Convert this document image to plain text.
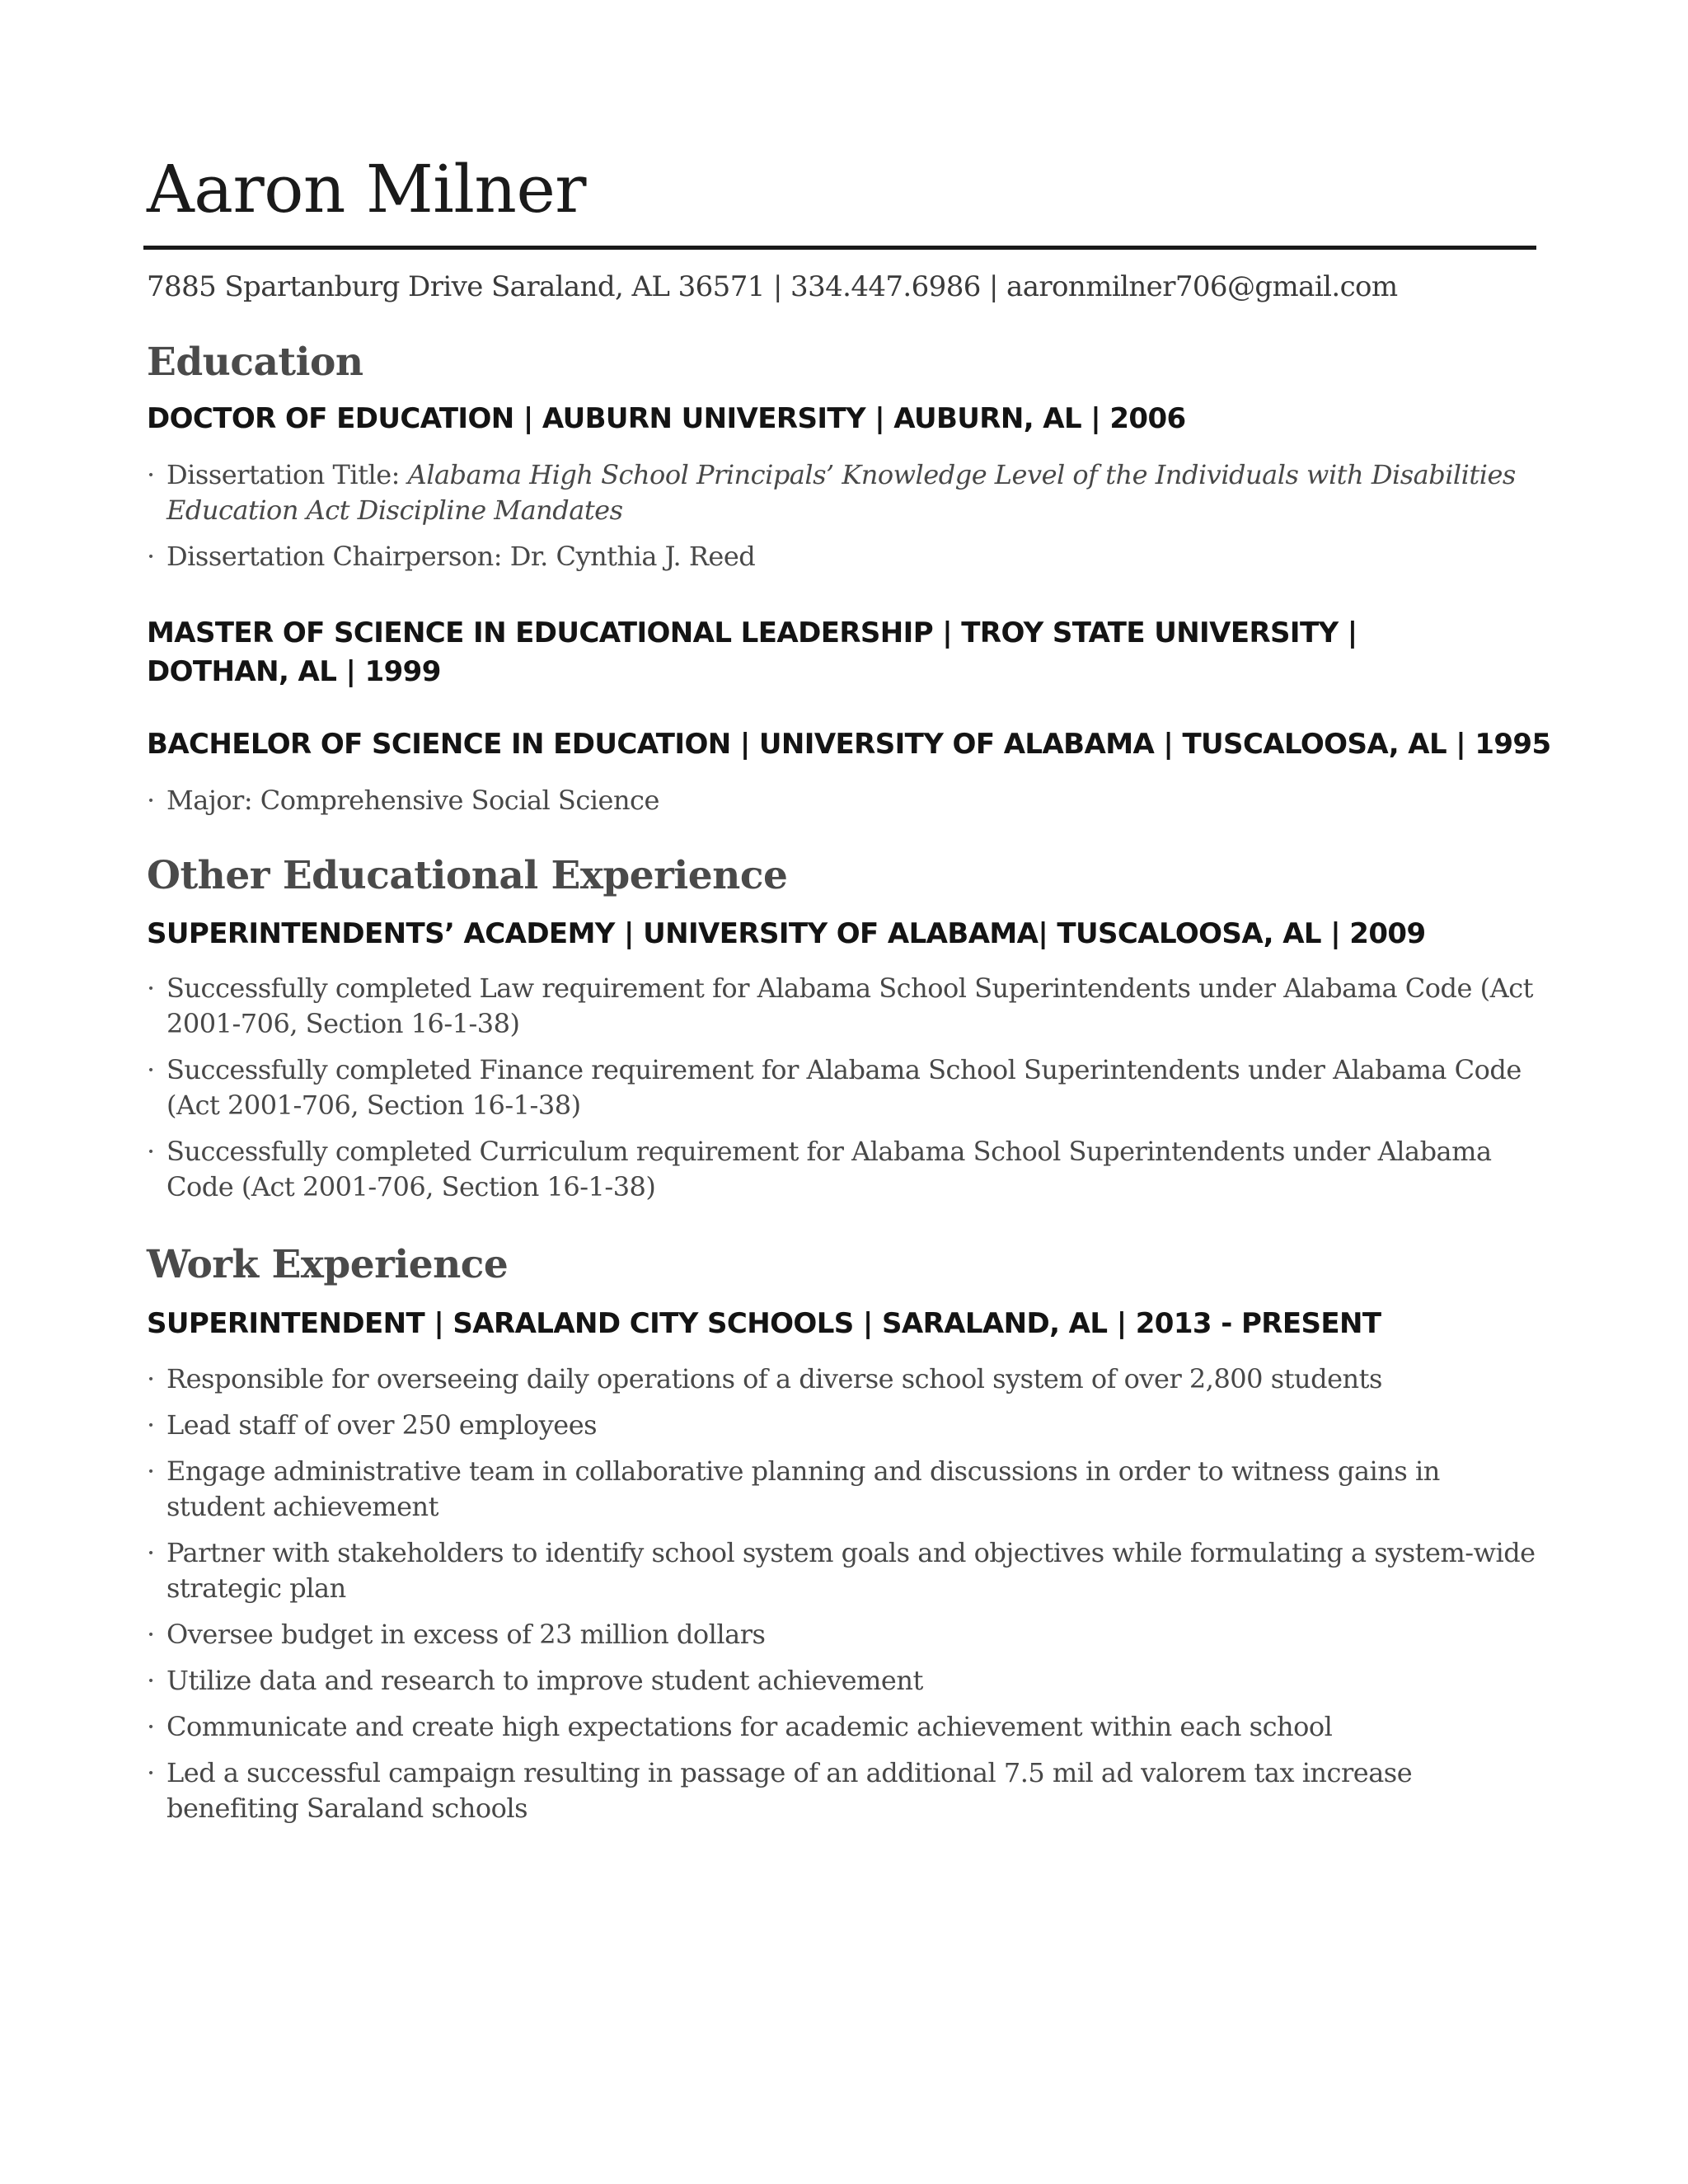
Aaron Milner
7885 Spartanburg Drive Saraland, AL 36571 | 334.447.6986 | aaronmilner706@gmail.com
Education
DOCTOR OF EDUCATION | AUBURN UNIVERSITY | AUBURN, AL | 2006
· Dissertation Title: Alabama High School Principals’ Knowledge Level of the Individuals with Disabilities Education Act Discipline Mandates
· Dissertation Chairperson: Dr. Cynthia J. Reed
MASTER OF SCIENCE IN EDUCATIONAL LEADERSHIP | TROY STATE UNIVERSITY |
DOTHAN, AL | 1999
BACHELOR OF SCIENCE IN EDUCATION | UNIVERSITY OF ALABAMA | TUSCALOOSA, AL | 1995
· Major: Comprehensive Social Science
Other Educational Experience
SUPERINTENDENTS’ ACADEMY | UNIVERSITY OF ALABAMA| TUSCALOOSA, AL | 2009
· Successfully completed Law requirement for Alabama School Superintendents under Alabama Code (Act 2001-706, Section 16-1-38)
· Successfully completed Finance requirement for Alabama School Superintendents under Alabama Code (Act 2001-706, Section 16-1-38)
· Successfully completed Curriculum requirement for Alabama School Superintendents under Alabama Code (Act 2001-706, Section 16-1-38)
Work Experience
SUPERINTENDENT | SARALAND CITY SCHOOLS | SARALAND, AL | 2013 - PRESENT
· Responsible for overseeing daily operations of a diverse school system of over 2,800 students
· Lead staff of over 250 employees
· Engage administrative team in collaborative planning and discussions in order to witness gains in student achievement
· Partner with stakeholders to identify school system goals and objectives while formulating a system-wide strategic plan
· Oversee budget in excess of 23 million dollars
· Utilize data and research to improve student achievement
· Communicate and create high expectations for academic achievement within each school
· Led a successful campaign resulting in passage of an additional 7.5 mil ad valorem tax increase benefiting Saraland schools
